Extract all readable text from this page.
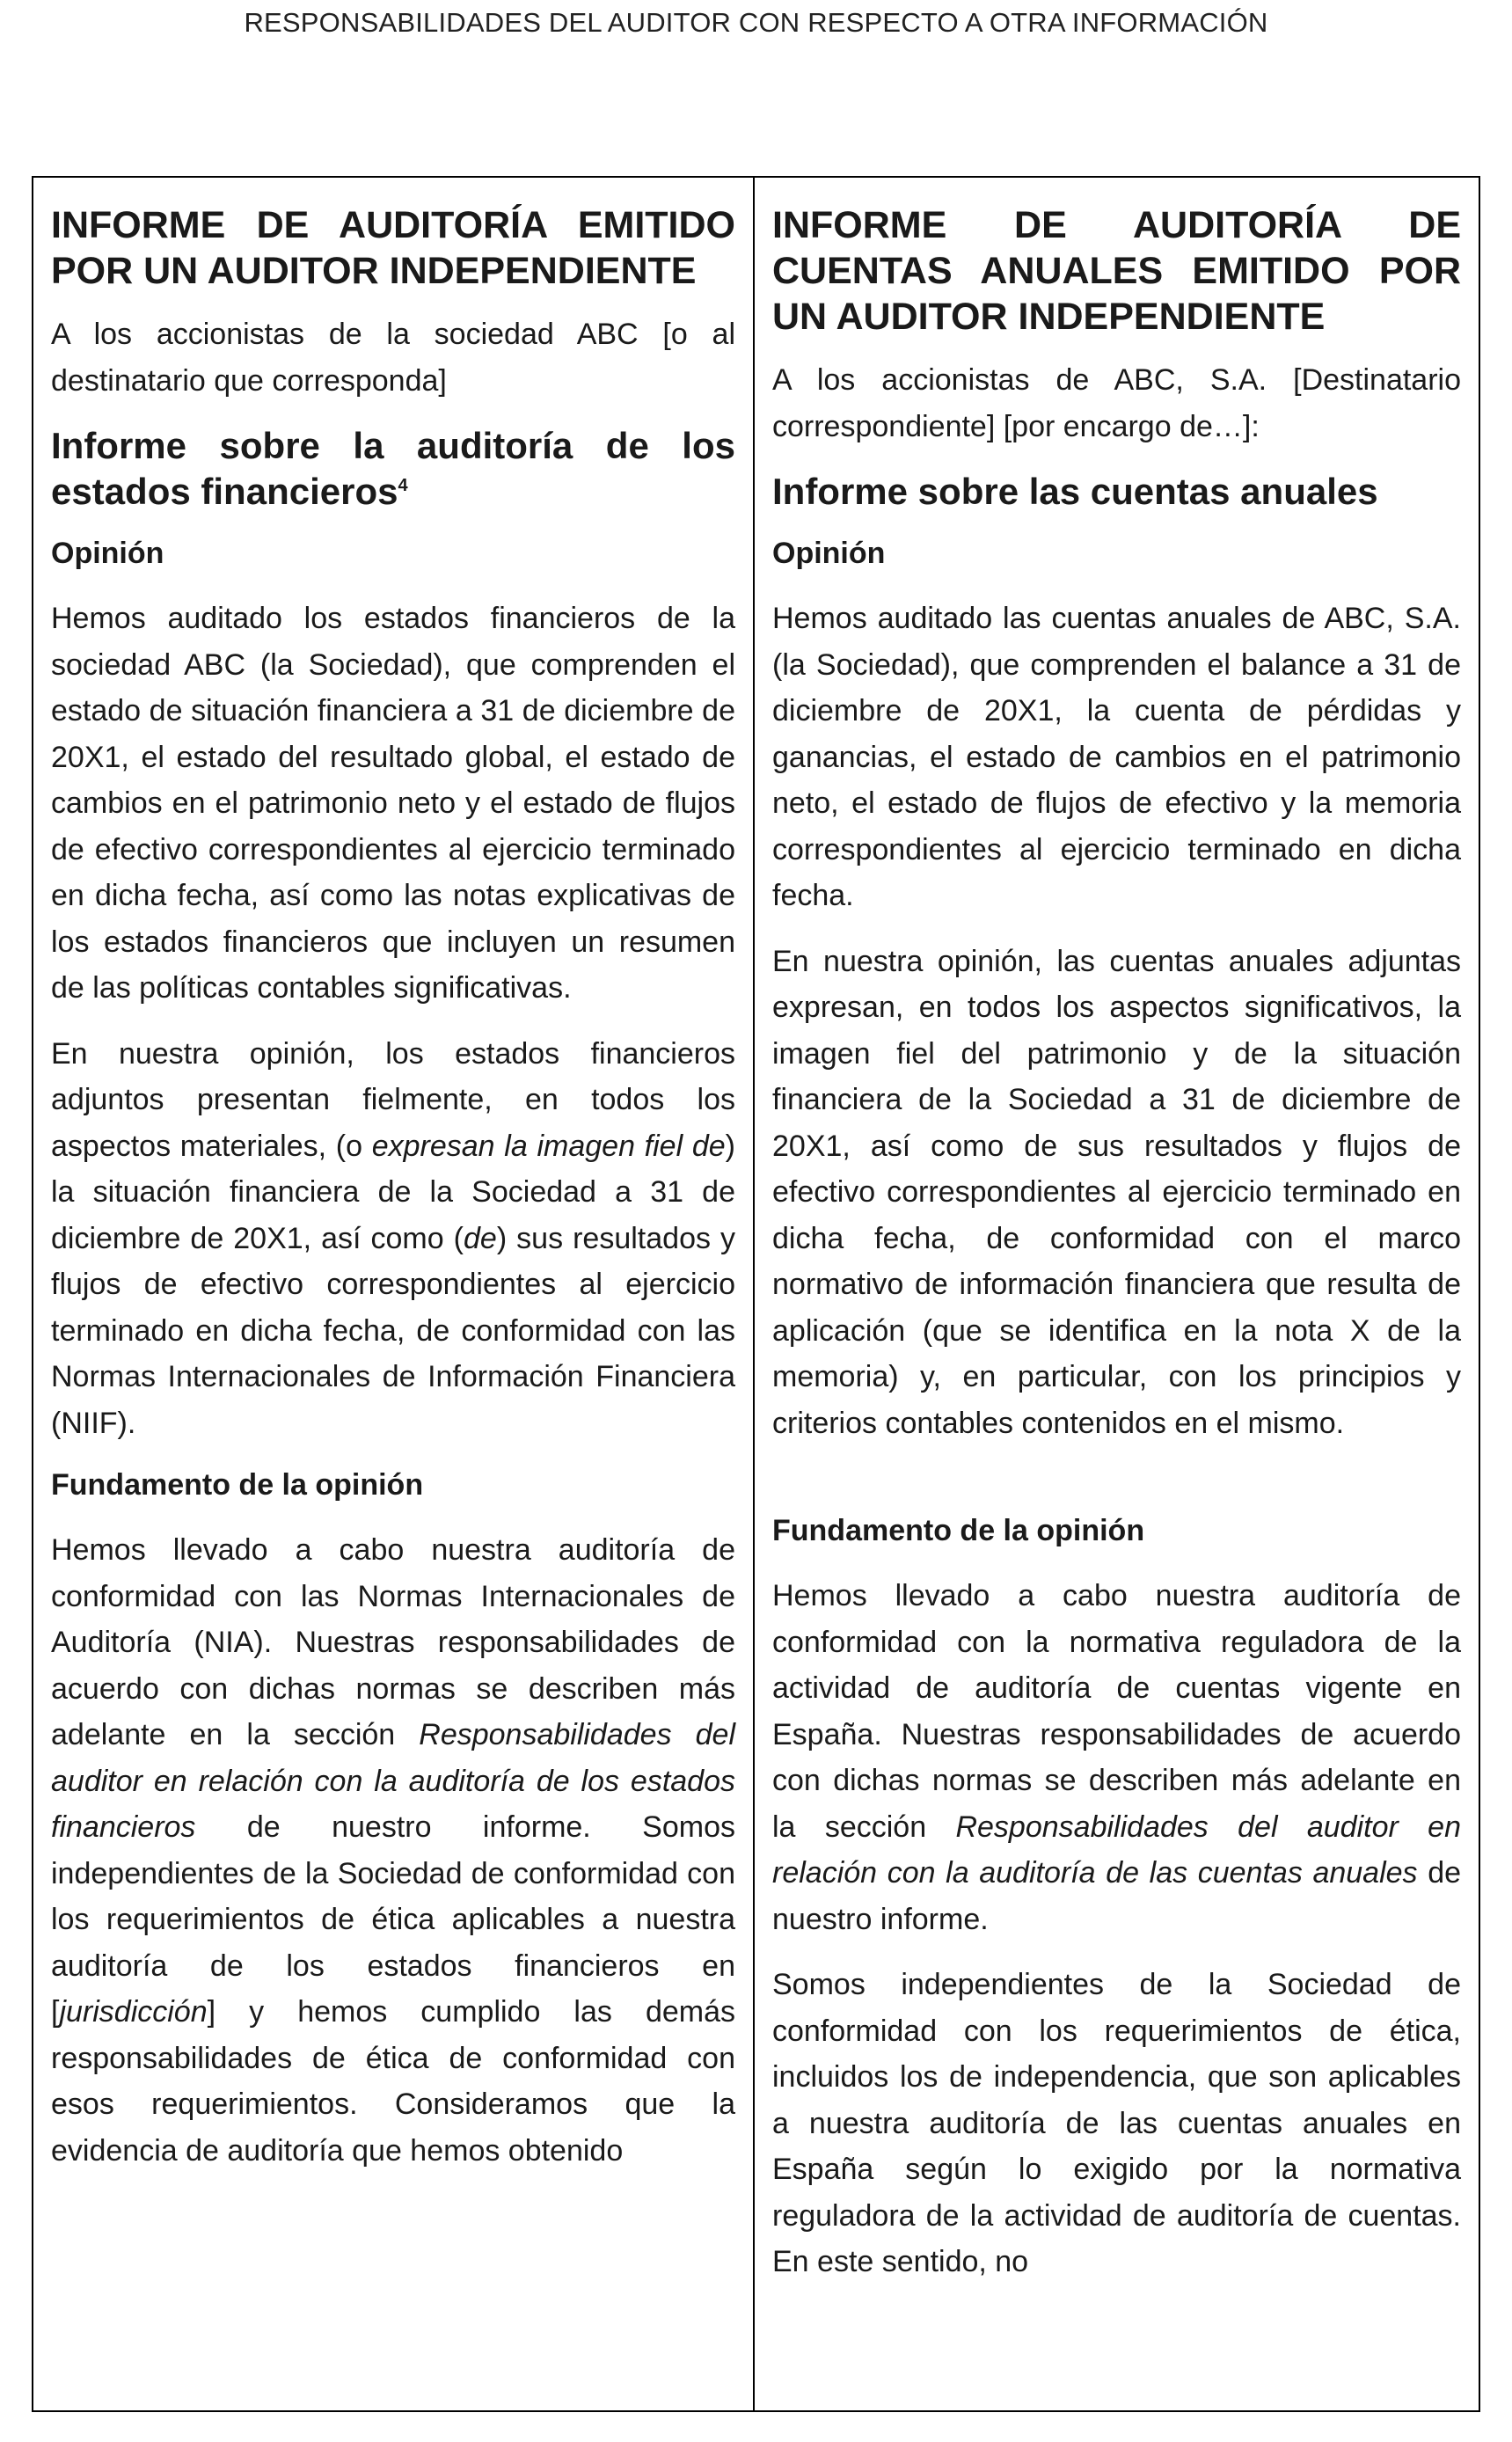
RESPONSABILIDADES DEL AUDITOR CON RESPECTO A OTRA INFORMACIÓN
INFORME DE AUDITORÍA EMITIDO POR UN AUDITOR INDEPENDIENTE

A los accionistas de la sociedad ABC [o al destinatario que corresponda]

Informe sobre la auditoría de los estados financieros$^4$
Opinión

Hemos auditado los estados financieros de la sociedad ABC (la Sociedad), que comprenden el estado de situación financiera a 31 de diciembre de 20X1, el estado del resultado global, el estado de cambios en el patrimonio neto y el estado de flujos de efectivo correspondientes al ejercicio terminado en dicha fecha, así como las notas explicativas de los estados financieros que incluyen un resumen de las políticas contables significativas.

En nuestra opinión, los estados financieros adjuntos presentan fielmente, en todos los aspectos materiales, (o expresan la imagen fiel de) la situación financiera de la Sociedad a 31 de diciembre de 20X1, así como (de) sus resultados y flujos de efectivo correspondientes al ejercicio terminado en dicha fecha, de conformidad con las Normas Internacionales de Información Financiera (NIIF).

Fundamento de la opinión

Hemos llevado a cabo nuestra auditoría de conformidad con las Normas Internacionales de Auditoría (NIA). Nuestras responsabilidades de acuerdo con dichas normas se describen más adelante en la sección Responsabilidades del auditor en relación con la auditoría de los estados financieros de nuestro informe. Somos independientes de la Sociedad de conformidad con los requerimientos de ética aplicables a nuestra auditoría de los estados financieros en [jurisdicción] y hemos cumplido las demás responsabilidades de ética de conformidad con esos requerimientos. Consideramos que la evidencia de auditoría que hemos obtenido

INFORME DE AUDITORÍA DE CUENTAS ANUALES EMITIDO POR UN AUDITOR INDEPENDIENTE

A los accionistas de ABC, S.A. [Destinatario correspondiente] [por encargo de…]:

Informe sobre las cuentas anuales
Opinión

Hemos auditado las cuentas anuales de ABC, S.A. (la Sociedad), que comprenden el balance a 31 de diciembre de 20X1, la cuenta de pérdidas y ganancias, el estado de cambios en el patrimonio neto, el estado de flujos de efectivo y la memoria correspondientes al ejercicio terminado en dicha fecha.

En nuestra opinión, las cuentas anuales adjuntas expresan, en todos los aspectos significativos, la imagen fiel del patrimonio y de la situación financiera de la Sociedad a 31 de diciembre de 20X1, así como de sus resultados y flujos de efectivo correspondientes al ejercicio terminado en dicha fecha, de conformidad con el marco normativo de información financiera que resulta de aplicación (que se identifica en la nota X de la memoria) y, en particular, con los principios y criterios contables contenidos en el mismo.

Fundamento de la opinión

Hemos llevado a cabo nuestra auditoría de conformidad con la normativa reguladora de la actividad de auditoría de cuentas vigente en España. Nuestras responsabilidades de acuerdo con dichas normas se describen más adelante en la sección Responsabilidades del auditor en relación con la auditoría de las cuentas anuales de nuestro informe.

Somos independientes de la Sociedad de conformidad con los requerimientos de ética, incluidos los de independencia, que son aplicables a nuestra auditoría de las cuentas anuales en España según lo exigido por la normativa reguladora de la actividad de auditoría de cuentas. En este sentido, no
